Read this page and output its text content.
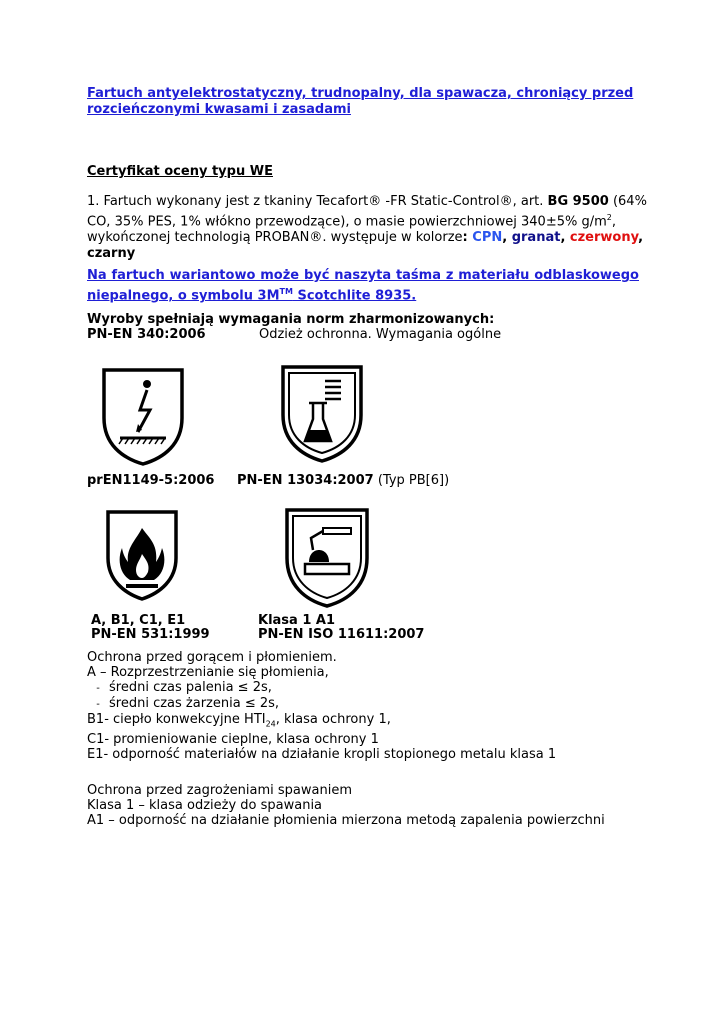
Fartuch antyelektrostatyczny, trudnopalny, dla spawacza, chroniący przed rozcieńczonymi kwasami i zasadami
Certyfikat oceny typu WE
1. Fartuch wykonany jest z tkaniny Tecafort® -FR Static-Control®, art. BG 9500 (64% CO, 35% PES, 1% włókno przewodzące), o masie powierzchniowej 340±5% $g/m^2$, wykończonej technologią PROBAN®. występuje w kolorze: CPN, granat, czerwony,
czarny
Na fartuch wariantowo może być naszyta taśma z materiału odblaskowego
niepalnego, o symbolu 3M™ Scotchlite 8935.
Wyroby spełniają wymagania norm zharmonizowanych:
PN-EN 340:2006	Odzież ochronna. Wymagania ogólne
prEN1149-5:2006 PN-EN 13034:2007 (Typ PB[6])
A, B1, C1, E1
PN-EN 531:1999
Klasa 1 A1
PN-EN ISO 11611:2007
Ochrona przed gorącem i płomieniem.
A – Rozprzestrzenianie się płomienia,
- średni czas palenia ≤ 2s,
- średni czas żarzenia ≤ 2s,
B1- ciepło konwekcyjne $HTI_{24}$, klasa ochrony 1,
C1- promieniowanie cieplne, klasa ochrony 1
E1- odporność materiałów na działanie kropli stopionego metalu klasa 1
Ochrona przed zagrożeniami spawaniem
Klasa 1 – klasa odzieży do spawania
A1 – odporność na działanie płomienia mierzona metodą zapalenia powierzchni
